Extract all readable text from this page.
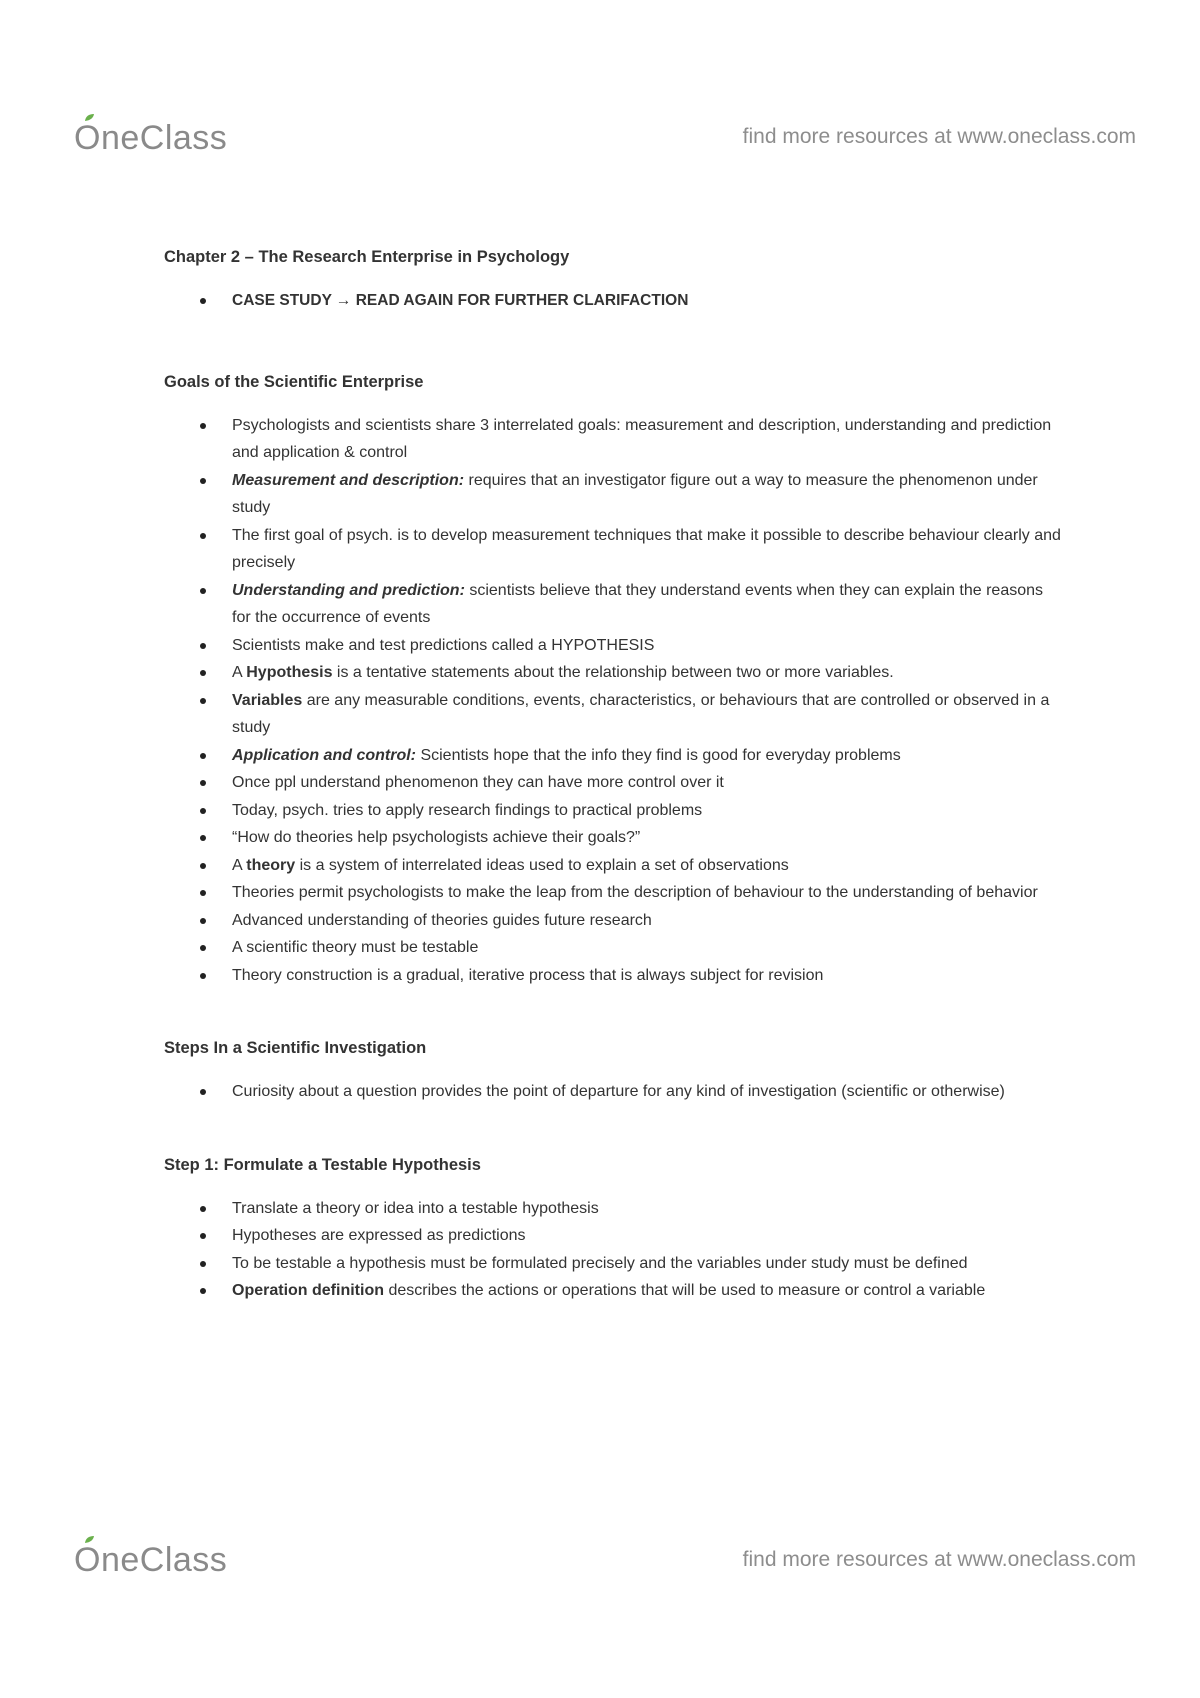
OneClass	find more resources at www.oneclass.com

Chapter 2 – The Research Enterprise in Psychology

CASE STUDY → READ AGAIN FOR FURTHER CLARIFACTION

Goals of the Scientific Enterprise

Psychologists and scientists share 3 interrelated goals: measurement and description, understanding and prediction and application & control
Measurement and description: requires that an investigator figure out a way to measure the phenomenon under study
The first goal of psych. is to develop measurement techniques that make it possible to describe behaviour clearly and precisely
Understanding and prediction: scientists believe that they understand events when they can explain the reasons for the occurrence of events
Scientists make and test predictions called a HYPOTHESIS
A Hypothesis is a tentative statements about the relationship between two or more variables.
Variables are any measurable conditions, events, characteristics, or behaviours that are controlled or observed in a study
Application and control: Scientists hope that the info they find is good for everyday problems
Once ppl understand phenomenon they can have more control over it
Today, psych. tries to apply research findings to practical problems
“How do theories help psychologists achieve their goals?”
A theory is a system of interrelated ideas used to explain a set of observations
Theories permit psychologists to make the leap from the description of behaviour to the understanding of behavior
Advanced understanding of theories guides future research
A scientific theory must be testable
Theory construction is a gradual, iterative process that is always subject for revision

Steps In a Scientific Investigation

Curiosity about a question provides the point of departure for any kind of investigation (scientific or otherwise)

Step 1: Formulate a Testable Hypothesis

Translate a theory or idea into a testable hypothesis
Hypotheses are expressed as predictions
To be testable a hypothesis must be formulated precisely and the variables under study must be defined
Operation definition describes the actions or operations that will be used to measure or control a variable
OneClass	find more resources at www.oneclass.com
